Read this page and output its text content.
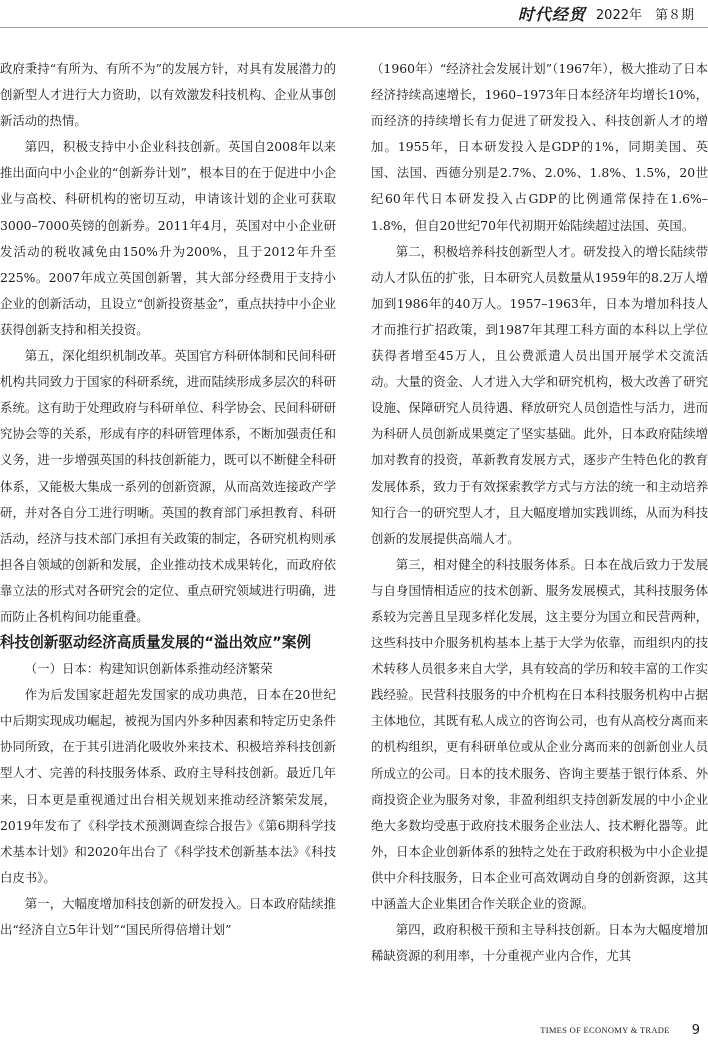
时代经贸 2022年　第８期

政府秉持“有所为、有所不为”的发展方针，对具有发展潜力的创新型人才进行大力资助，以有效激发科技机构、企业从事创新活动的热情。

第四，积极支持中小企业科技创新。英国自2008年以来推出面向中小企业的“创新券计划”，根本目的在于促进中小企业与高校、科研机构的密切互动，申请该计划的企业可获取3000–7000英镑的创新券。2011年4月，英国对中小企业研发活动的税收减免由150%升为200%，且于2012年升至225%。2007年成立英国创新署，其大部分经费用于支持小企业的创新活动，且设立“创新投资基金”，重点扶持中小企业获得创新支持和相关投资。

第五，深化组织机制改革。英国官方科研体制和民间科研机构共同致力于国家的科研系统，进而陆续形成多层次的科研系统。这有助于处理政府与科研单位、科学协会、民间科研研究协会等的关系，形成有序的科研管理体系，不断加强责任和义务，进一步增强英国的科技创新能力，既可以不断健全科研体系，又能极大集成一系列的创新资源，从而高效连接政产学研，并对各自分工进行明晰。英国的教育部门承担教育、科研活动，经济与技术部门承担有关政策的制定，各研究机构则承担各自领域的创新和发展，企业推动技术成果转化，而政府依靠立法的形式对各研究会的定位、重点研究领域进行明确，进而防止各机构间功能重叠。

科技创新驱动经济高质量发展的“溢出效应”案例

（一）日本：构建知识创新体系推动经济繁荣

作为后发国家赶超先发国家的成功典范，日本在20世纪中后期实现成功崛起，被视为国内外多种因素和特定历史条件协同所致，在于其引进消化吸收外来技术、积极培养科技创新型人才、完善的科技服务体系、政府主导科技创新。最近几年来，日本更是重视通过出台相关规划来推动经济繁荣发展，2019年发布了《科学技术预测调查综合报告》《第6期科学技术基本计划》和2020年出台了《科学技术创新基本法》《科技白皮书》。

第一，大幅度增加科技创新的研发投入。日本政府陆续推出“经济自立5年计划”“国民所得倍增计划”

（1960年）“经济社会发展计划”（1967年），极大推动了日本经济持续高速增长，1960–1973年日本经济年均增长10%，而经济的持续增长有力促进了研发投入、科技创新人才的增加。1955年，日本研发投入是GDP的1%，同期美国、英国、法国、西德分别是2.7%、2.0%、1.8%、1.5%，20世纪60年代日本研发投入占GDP的比例通常保持在1.6%–1.8%，但自20世纪70年代初期开始陆续超过法国、英国。

第二，积极培养科技创新型人才。研发投入的增长陆续带动人才队伍的扩张，日本研究人员数量从1959年的8.2万人增加到1986年的40万人。1957–1963年，日本为增加科技人才而推行扩招政策，到1987年其理工科方面的本科以上学位获得者增至45万人，且公费派遣人员出国开展学术交流活动。大量的资金、人才进入大学和研究机构，极大改善了研究设施、保障研究人员待遇、释放研究人员创造性与活力，进而为科研人员创新成果奠定了坚实基础。此外，日本政府陆续增加对教育的投资，革新教育发展方式，逐步产生特色化的教育发展体系，致力于有效探索教学方式与方法的统一和主动培养知行合一的研究型人才，且大幅度增加实践训练，从而为科技创新的发展提供高端人才。

第三，相对健全的科技服务体系。日本在战后致力于发展与自身国情相适应的技术创新、服务发展模式，其科技服务体系较为完善且呈现多样化发展，这主要分为国立和民营两种，这些科技中介服务机构基本上基于大学为依靠，而组织内的技术转移人员很多来自大学，具有较高的学历和较丰富的工作实践经验。民营科技服务的中介机构在日本科技服务机构中占据主体地位，其既有私人成立的咨询公司，也有从高校分离而来的机构组织，更有科研单位或从企业分离而来的创新创业人员所成立的公司。日本的技术服务、咨询主要基于银行体系、外商投资企业为服务对象，非盈利组织支持创新发展的中小企业绝大多数均受惠于政府技术服务企业法人、技术孵化器等。此外，日本企业创新体系的独特之处在于政府积极为中小企业提供中介科技服务，日本企业可高效调动自身的创新资源，这其中涵盖大企业集团合作关联企业的资源。

第四，政府积极干预和主导科技创新。日本为大幅度增加稀缺资源的利用率，十分重视产业内合作，尤其

TIMES OF ECONOMY & TRADE 9
